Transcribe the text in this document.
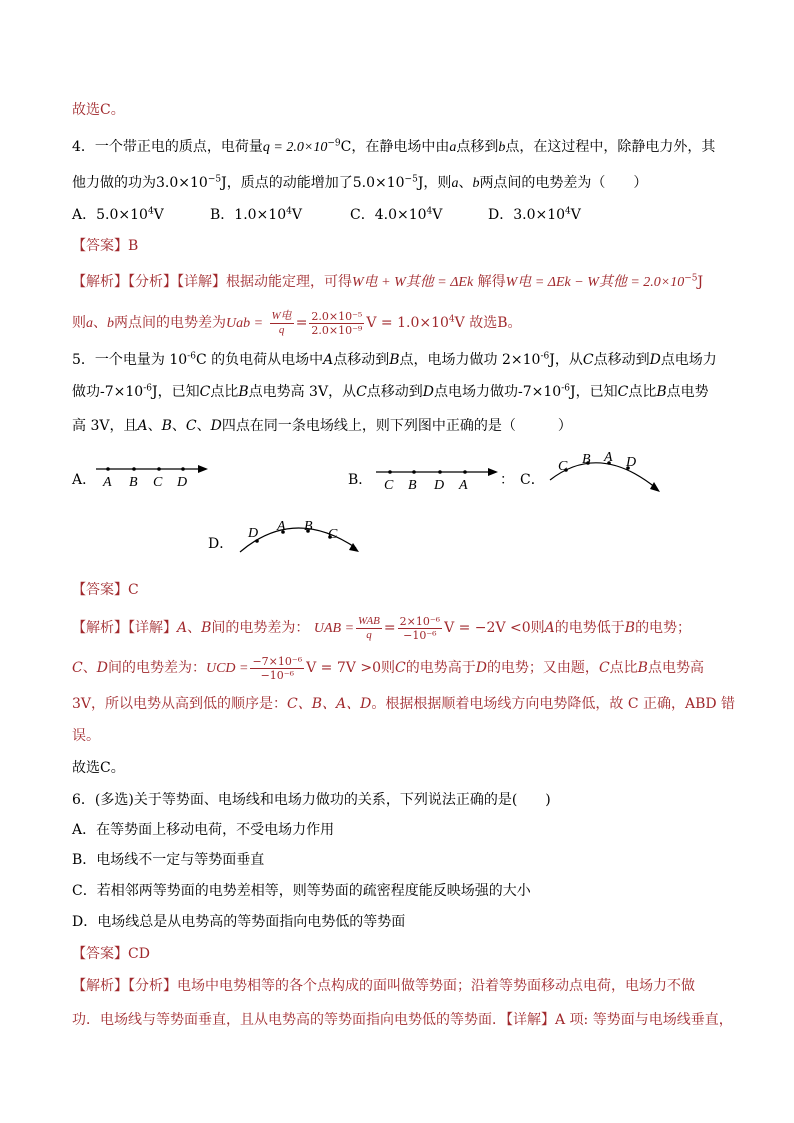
故选C。
4．一个带正电的质点，电荷量$q = 2.0\times 10^{-9}C$，在静电场中由a点移到b点，在这过程中，除静电力外，其
他力做的功为$3.0\times 10^{-5}J$，质点的动能增加了$5.0\times 10^{-5}J$，则a、b两点间的电势差为（　　）
A．$5.0\times 10^4V$	B．$1.0\times 10^4V$	C．$4.0\times 10^4V$	D．$3.0\times 10^4V$
【答案】B
【解析】【分析】【详解】根据动能定理，可得W电 + W其他 = ΔEk 解得W电 = ΔEk − W其他 = $2.0\times 10^{-5}J$
则a、b两点间的电势差为Uab = $\frac{\text{W电}}{q} = \frac{\text{2.0×10⁻⁵}}{\text{2.0×10⁻⁹}}$ $V = 1.0\times 10^4V$ 故选B。
5．一个电量为 $10^{-6}C$ 的负电荷从电场中A点移动到B点，电场力做功 $2\times 10^{-6}J$，从C点移动到D点电场力
做功$-7\times 10^{-6}J$，已知C点比B点电势高 3V，从C点移动到D点电场力做功$-7\times 10^{-6}J$，已知C点比B点电势
高 3V，且A、B、C、D四点在同一条电场线上，则下列图中正确的是（　　　）
A． A B C D	B． C B D A ： C．
C B A D
D．
D A B
C
【答案】C
【解析】【详解】A、B间的电势差为： UAB = $\frac{\text{WAB}}{q} = \frac{\text{2×10⁻⁶}}{\text{−10⁻⁶}}$ V = −2V <0则A的电势低于B的电势；
C、D间的电势差为：UCD = $\frac{\text{−7×10⁻⁶}}{\text{−10⁻⁶}}$ V = 7V >0则C的电势高于D的电势；又由题，C点比B点电势高
3V，所以电势从高到低的顺序是：C、B、A、D。根据根据顺着电场线方向电势降低，故 C 正确，ABD 错
误。
故选C。
6．(多选)关于等势面、电场线和电场力做功的关系，下列说法正确的是(　　)
A．在等势面上移动电荷，不受电场力作用
B．电场线不一定与等势面垂直
C．若相邻两等势面的电势差相等，则等势面的疏密程度能反映场强的大小
D．电场线总是从电势高的等势面指向电势低的等势面
【答案】CD
【解析】【分析】电场中电势相等的各个点构成的面叫做等势面；沿着等势面移动点电荷，电场力不做
功．电场线与等势面垂直，且从电势高的等势面指向电势低的等势面．【详解】A 项: 等势面与电场线垂直，
